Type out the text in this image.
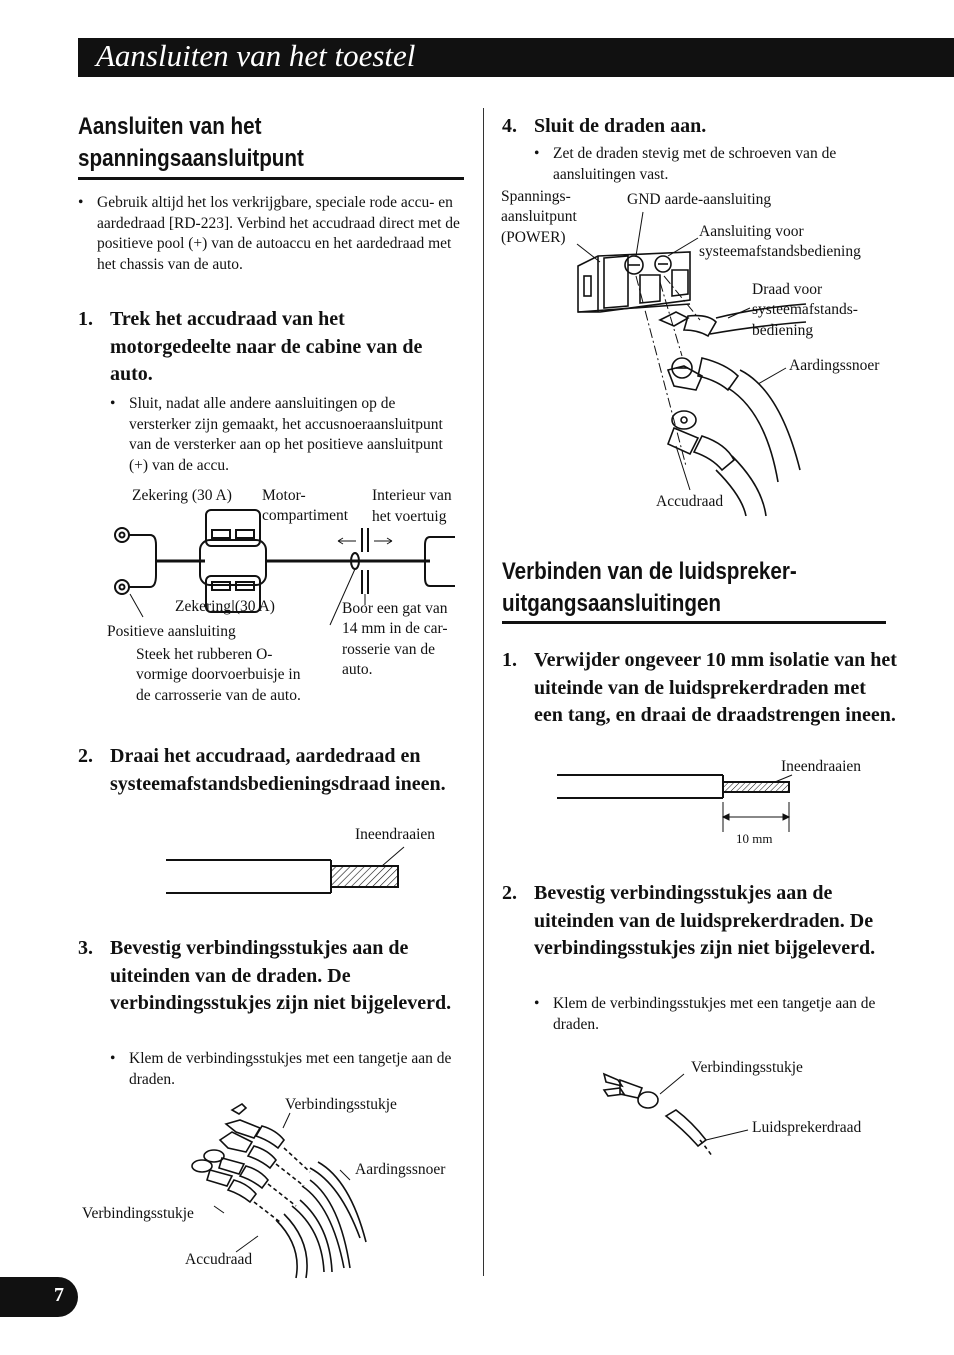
Aansluiten van het toestel
Aansluiten van het
spanningsaansluitpunt
• Gebruik altijd het los verkrijgbare, speciale rode accu- en aardedraad [RD-223]. Verbind het accudraad direct met de positieve pool (+) van de autoaccu en het aardedraad met het chassis van de auto.
1. Trek het accudraad van het motorgedeelte naar de cabine van de auto.
• Sluit, nadat alle andere aansluitingen op de versterker zijn gemaakt, het accusnoeraansluitpunt van de versterker aan op het positieve aansluitpunt (+) van de accu.
Zekering (30 A) Motor-
compartiment
Interieur van
het voertuig
Zekering (30 A)
Positieve aansluiting
Boor een gat van
14 mm in de car-
rosserie van de
auto.
Steek het rubberen O-
vormige doorvoerbuisje in
de carrosserie van de auto.
2. Draai het accudraad, aardedraad en systeemafstandsbedieningsdraad ineen.
Ineendraaien
3. Bevestig verbindingsstukjes aan de uiteinden van de draden. De verbindingsstukjes zijn niet bijgeleverd.
• Klem de verbindingsstukjes met een tangetje aan de draden.
Verbindingsstukje
Aardingssnoer
Verbindingsstukje
Accudraad
4. Sluit de draden aan.
• Zet de draden stevig met de schroeven van de aansluitingen vast.
Spannings-
aansluitpunt
(POWER)
GND aarde-aansluiting
Aansluiting voor
systeemafstandsbediening
Draad voor
systeemafstands-
bediening
Aardingssnoer
Accudraad
Verbinden van de luidspreker-
uitgangsaansluitingen
1. Verwijder ongeveer 10 mm isolatie van het uiteinde van de luidsprekerdraden met een tang, en draai de draadstrengen ineen.
Ineendraaien
10 mm
2. Bevestig verbindingsstukjes aan de uiteinden van de luidsprekerdraden. De verbindingsstukjes zijn niet bijgeleverd.
• Klem de verbindingsstukjes met een tangetje aan de draden.
Verbindingsstukje
Luidsprekerdraad
7
